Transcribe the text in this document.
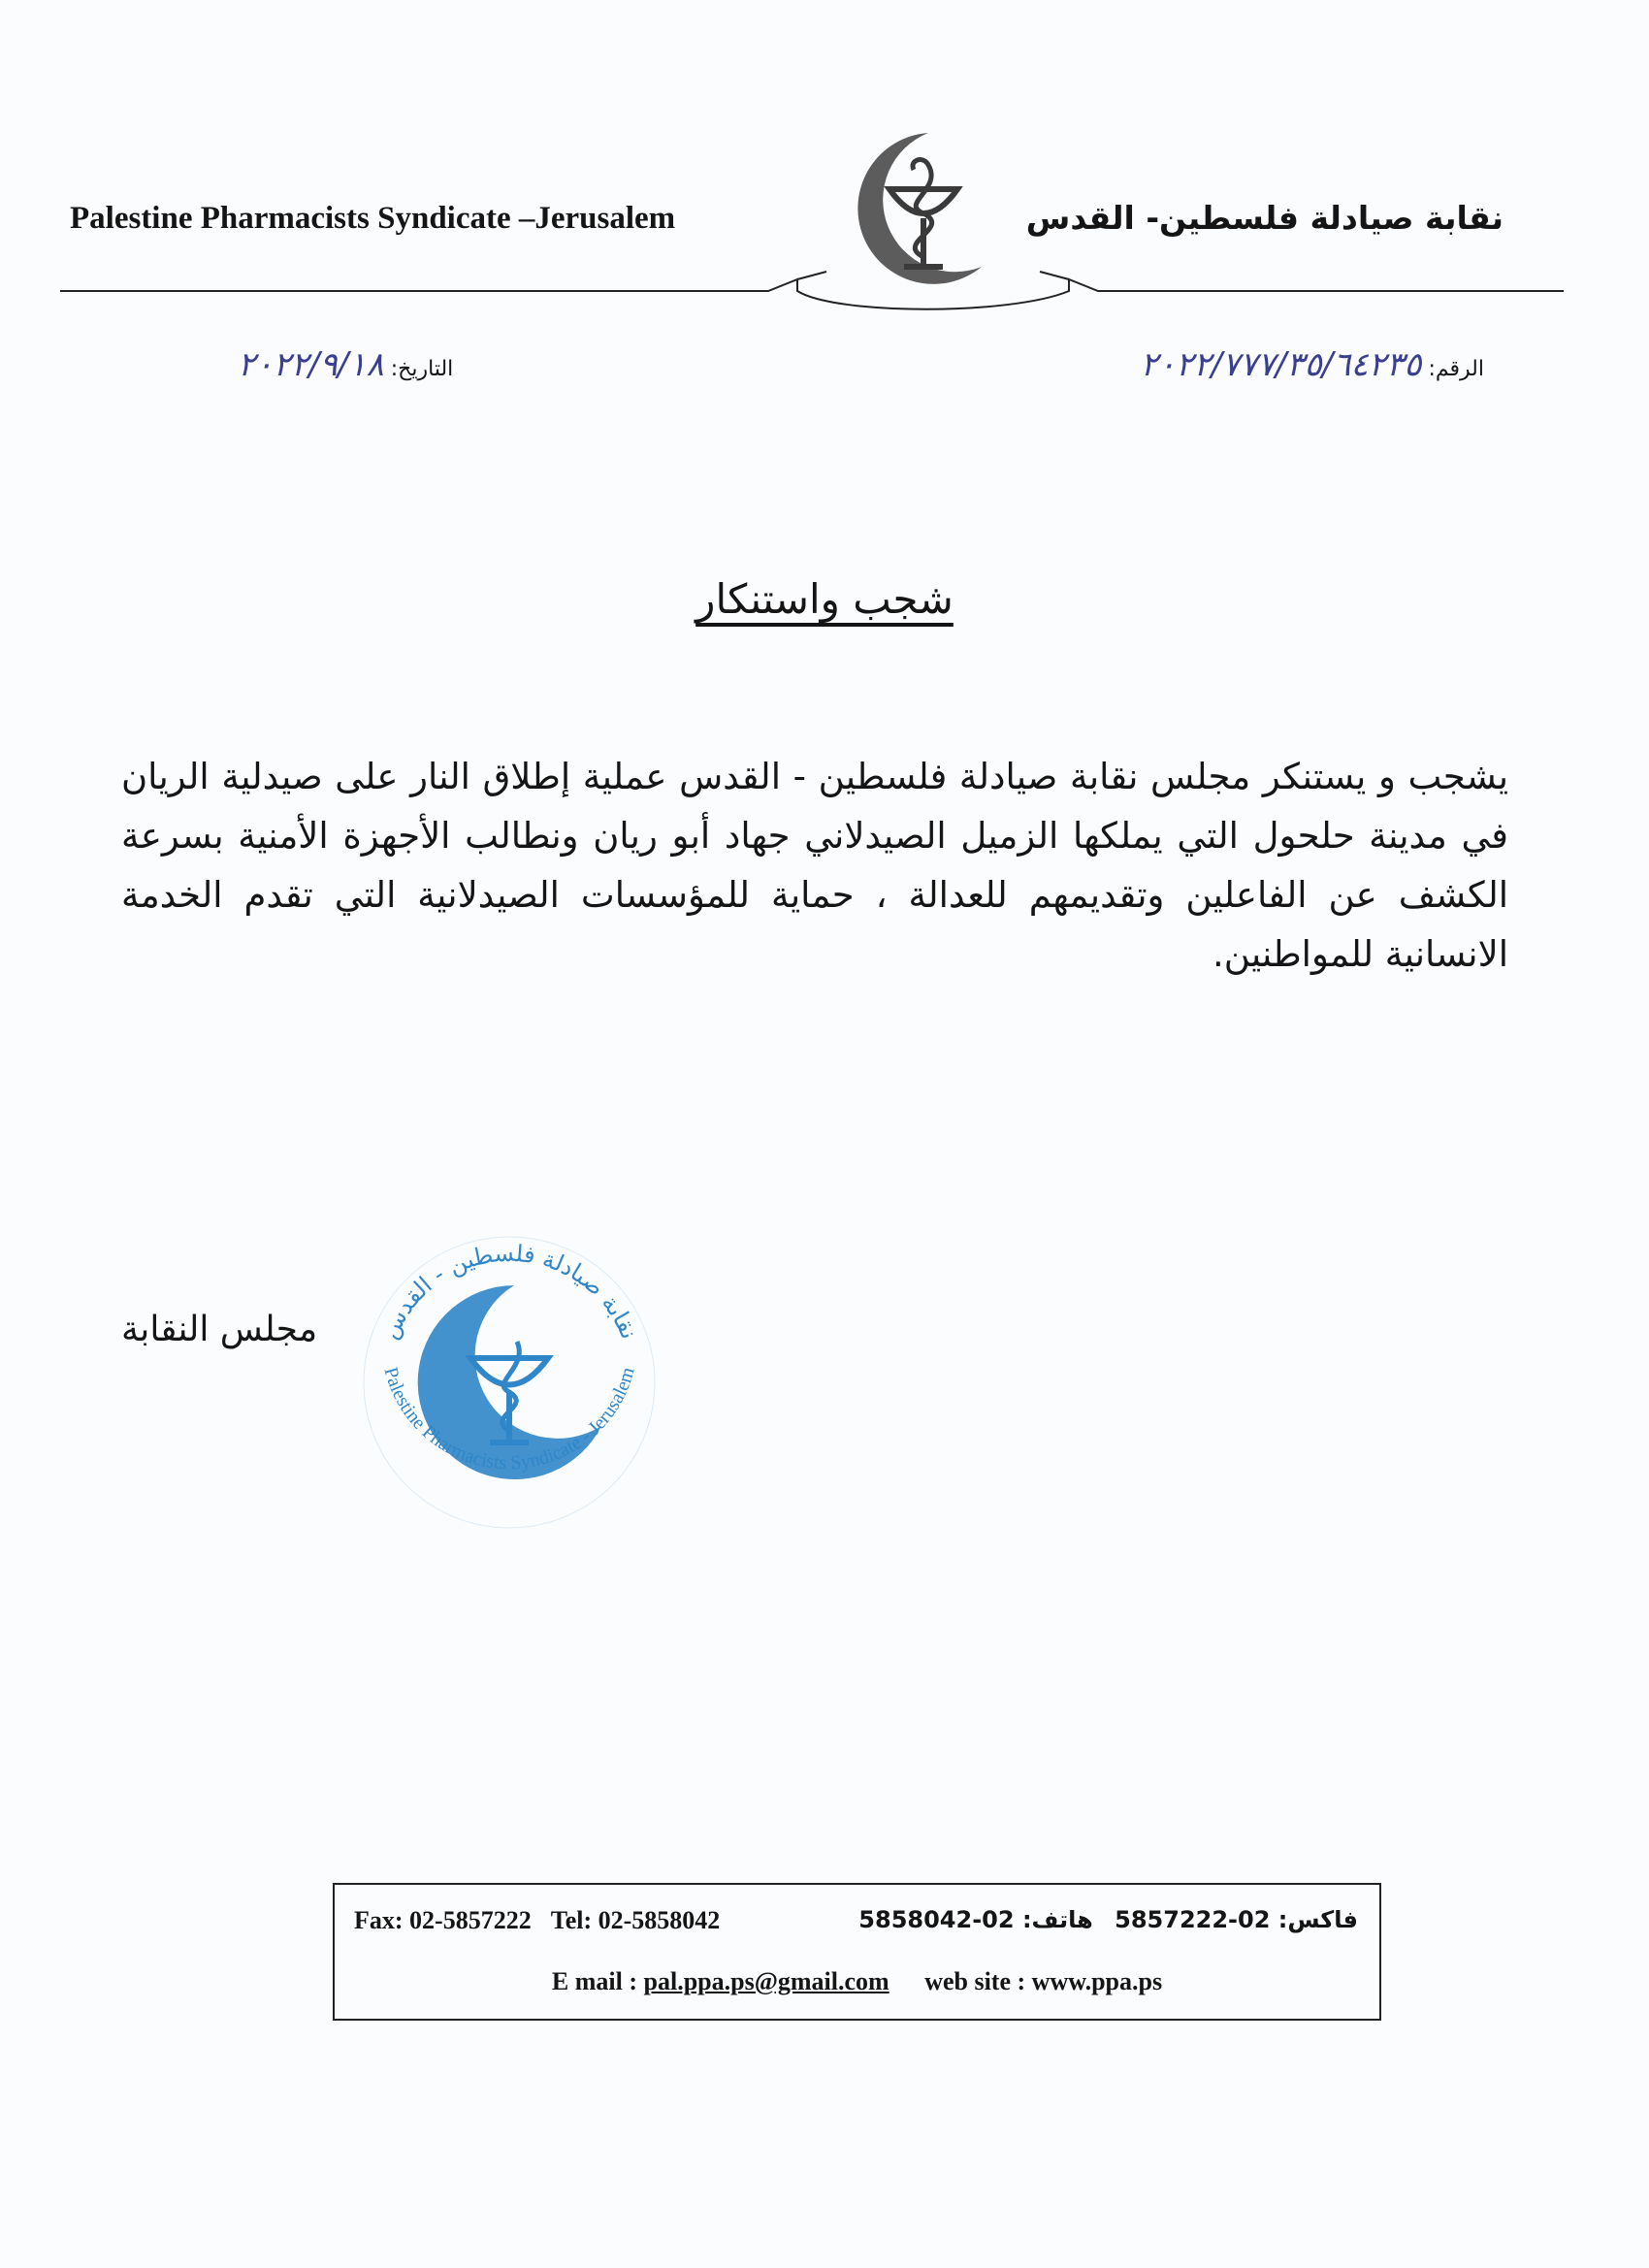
Palestine Pharmacists Syndicate –Jerusalem	نقابة صيادلة فلسطين- القدس
الرقم: ٢٠٢٢/٧٧٧/٣٥/٦٤٢٣٥
التاريخ: ٢٠٢٢/٩/١٨
شجب واستنكار
يشجب و يستنكر مجلس نقابة صيادلة فلسطين - القدس عملية إطلاق النار على صيدلية الريان في مدينة حلحول التي يملكها الزميل الصيدلاني جهاد أبو ريان ونطالب الأجهزة الأمنية بسرعة الكشف عن الفاعلين وتقديمهم للعدالة ، حماية للمؤسسات الصيدلانية التي تقدم الخدمة الانسانية للمواطنين.
مجلس النقابة	نقابة صيادلة فلسطين - القدس
Palestine Pharmacists Syndicate - Jerusalem
Fax: 02-5857222 Tel: 02-5858042	فاكس: 02-5857222 هاتف: 02-5858042
E mail : pal.ppa.ps@gmail.com web site : www.ppa.ps
